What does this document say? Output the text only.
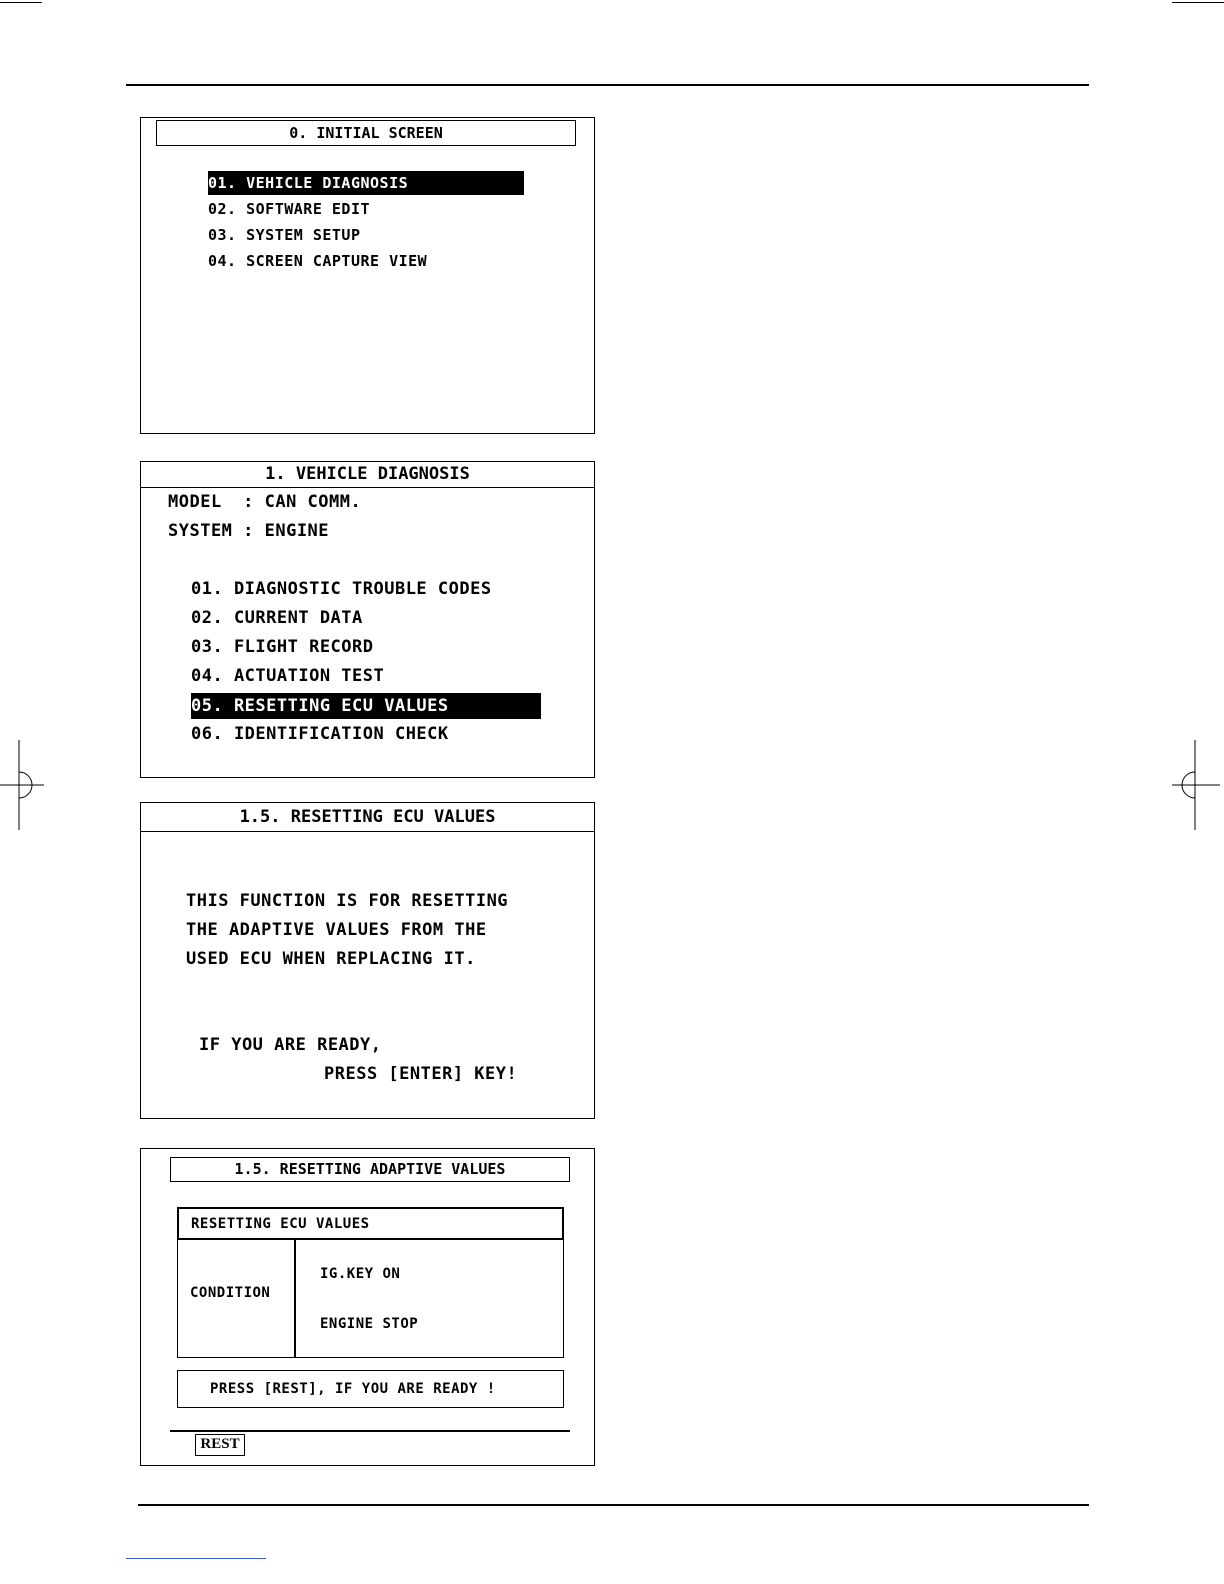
0. INITIAL SCREEN
01. VEHICLE DIAGNOSIS
02. SOFTWARE EDIT
03. SYSTEM SETUP
04. SCREEN CAPTURE VIEW
1. VEHICLE DIAGNOSIS
MODEL  : CAN COMM.
SYSTEM : ENGINE
01. DIAGNOSTIC TROUBLE CODES
02. CURRENT DATA
03. FLIGHT RECORD
04. ACTUATION TEST
05. RESETTING ECU VALUES
06. IDENTIFICATION CHECK
1.5. RESETTING ECU VALUES
THIS FUNCTION IS FOR RESETTING
THE ADAPTIVE VALUES FROM THE
USED ECU WHEN REPLACING IT.
IF YOU ARE READY,
PRESS [ENTER] KEY!
1.5. RESETTING ADAPTIVE VALUES
RESETTING ECU VALUES
CONDITION
IG.KEY ON
ENGINE STOP
PRESS [REST], IF YOU ARE READY !
REST
